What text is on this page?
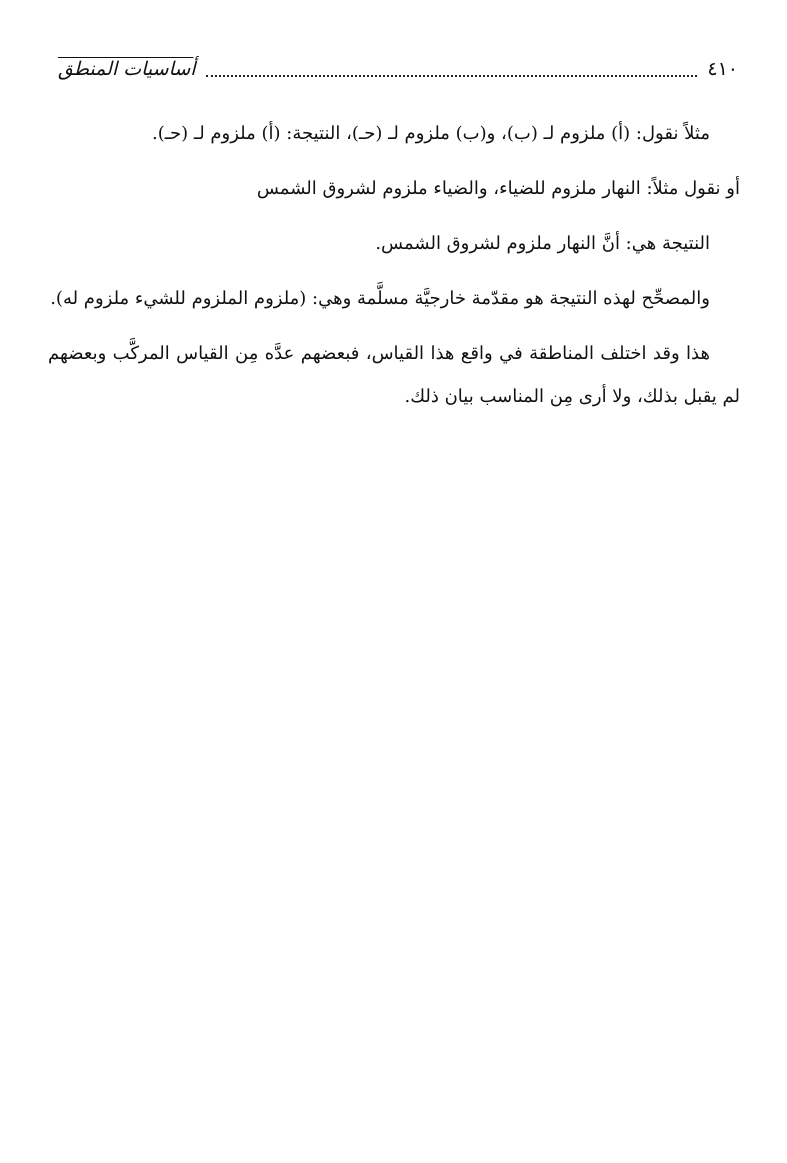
٤١٠
أساسيات المنطق

مثلاً نقول: (أ) ملزوم لـ (ب)، و(ب) ملزوم لـ (حـ)، النتيجة: (أ) ملزوم لـ (حـ).

أو نقول مثلاً: النهار ملزوم للضياء، والضياء ملزوم لشروق الشمس

النتيجة هي: أنَّ النهار ملزوم لشروق الشمس.

والمصحِّح لهذه النتيجة هو مقدّمة خارجيَّة مسلَّمة وهي: (ملزوم الملزوم للشيء ملزوم له).

هذا وقد اختلف المناطقة في واقع هذا القياس، فبعضهم عدَّه مِن القياس المركَّب وبعضهم لم يقبل بذلك، ولا أرى مِن المناسب بيان ذلك.
